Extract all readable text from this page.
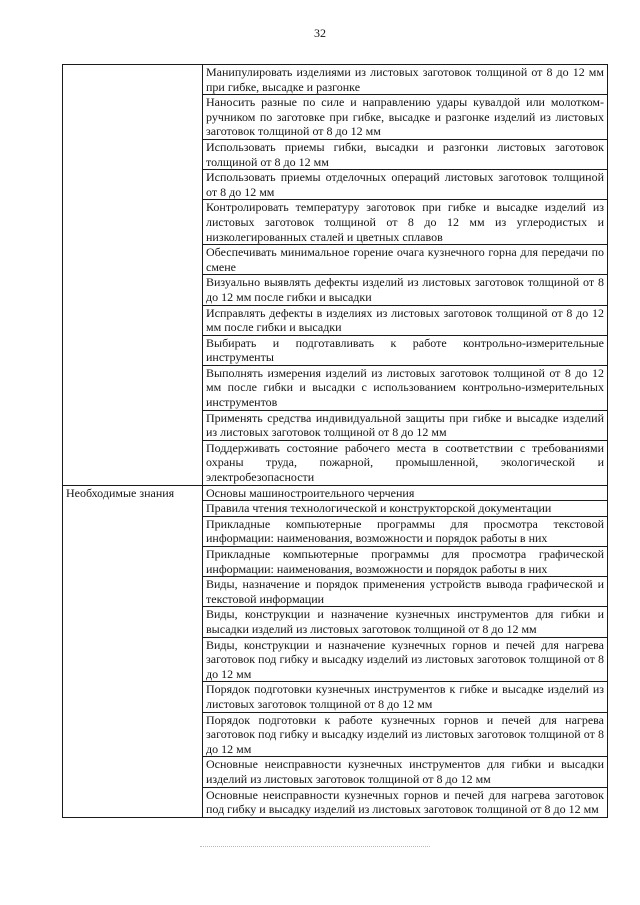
32
	Манипулировать изделиями из листовых заготовок толщиной от 8 до 12 мм при гибке, высадке и разгонке
	Наносить разные по силе и направлению удары кувалдой или молотком-ручником по заготовке при гибке, высадке и разгонке изделий из листовых заготовок толщиной от 8 до 12 мм
	Использовать приемы гибки, высадки и разгонки листовых заготовок толщиной от 8 до 12 мм
	Использовать приемы отделочных операций листовых заготовок толщиной от 8 до 12 мм
	Контролировать температуру заготовок при гибке и высадке изделий из листовых заготовок толщиной от 8 до 12 мм из углеродистых и низколегированных сталей и цветных сплавов
	Обеспечивать минимальное горение очага кузнечного горна для передачи по смене
	Визуально выявлять дефекты изделий из листовых заготовок толщиной от 8 до 12 мм после гибки и высадки
	Исправлять дефекты в изделиях из листовых заготовок толщиной от 8 до 12 мм после гибки и высадки
	Выбирать и подготавливать к работе контрольно-измерительные инструменты
	Выполнять измерения изделий из листовых заготовок толщиной от 8 до 12 мм после гибки и высадки с использованием контрольно-измерительных инструментов
	Применять средства индивидуальной защиты при гибке и высадке изделий из листовых заготовок толщиной от 8 до 12 мм
	Поддерживать состояние рабочего места в соответствии с требованиями охраны труда, пожарной, промышленной, экологической и электробезопасности
Необходимые знания	Основы машиностроительного черчения
	Правила чтения технологической и конструкторской документации
	Прикладные компьютерные программы для просмотра текстовой информации: наименования, возможности и порядок работы в них
	Прикладные компьютерные программы для просмотра графической информации: наименования, возможности и порядок работы в них
	Виды, назначение и порядок применения устройств вывода графической и текстовой информации
	Виды, конструкции и назначение кузнечных инструментов для гибки и высадки изделий из листовых заготовок толщиной от 8 до 12 мм
	Виды, конструкции и назначение кузнечных горнов и печей для нагрева заготовок под гибку и высадку изделий из листовых заготовок толщиной от 8 до 12 мм
	Порядок подготовки кузнечных инструментов к гибке и высадке изделий из листовых заготовок толщиной от 8 до 12 мм
	Порядок подготовки к работе кузнечных горнов и печей для нагрева заготовок под гибку и высадку изделий из листовых заготовок толщиной от 8 до 12 мм
	Основные неисправности кузнечных инструментов для гибки и высадки изделий из листовых заготовок толщиной от 8 до 12 мм
	Основные неисправности кузнечных горнов и печей для нагрева заготовок под гибку и высадку изделий из листовых заготовок толщиной от 8 до 12 мм
